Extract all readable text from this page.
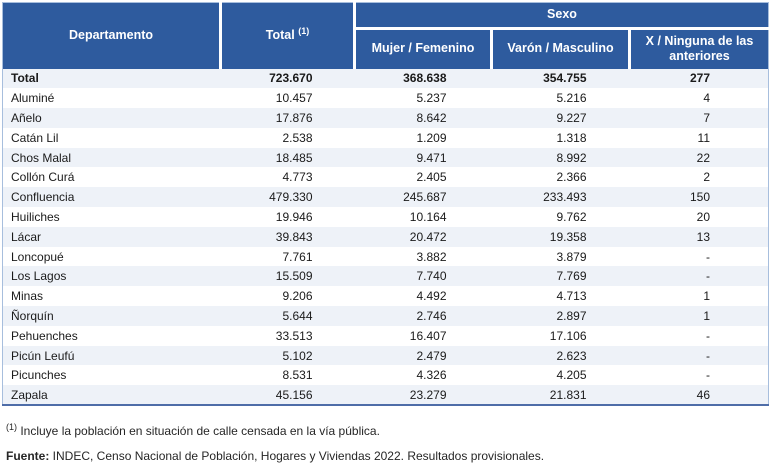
Departamento	Total $^{(1)}$	Sexo		
		Mujer / Femenino	Varón / Masculino	X / Ninguna de las anteriores
Total	723.670	368.638	354.755	277
Aluminé	10.457	5.237	5.216	4
Añelo	17.876	8.642	9.227	7
Catán Lil	2.538	1.209	1.318	11
Chos Malal	18.485	9.471	8.992	22
Collón Curá	4.773	2.405	2.366	2
Confluencia	479.330	245.687	233.493	150
Huiliches	19.946	10.164	9.762	20
Lácar	39.843	20.472	19.358	13
Loncopué	7.761	3.882	3.879	-
Los Lagos	15.509	7.740	7.769	-
Minas	9.206	4.492	4.713	1
Ñorquín	5.644	2.746	2.897	1
Pehuenches	33.513	16.407	17.106	-
Picún Leufú	5.102	2.479	2.623	-
Picunches	8.531	4.326	4.205	-
Zapala	45.156	23.279	21.831	46
$^{(1)}$ Incluye la población en situación de calle censada en la vía pública.
Fuente: INDEC, Censo Nacional de Población, Hogares y Viviendas 2022. Resultados provisionales.
